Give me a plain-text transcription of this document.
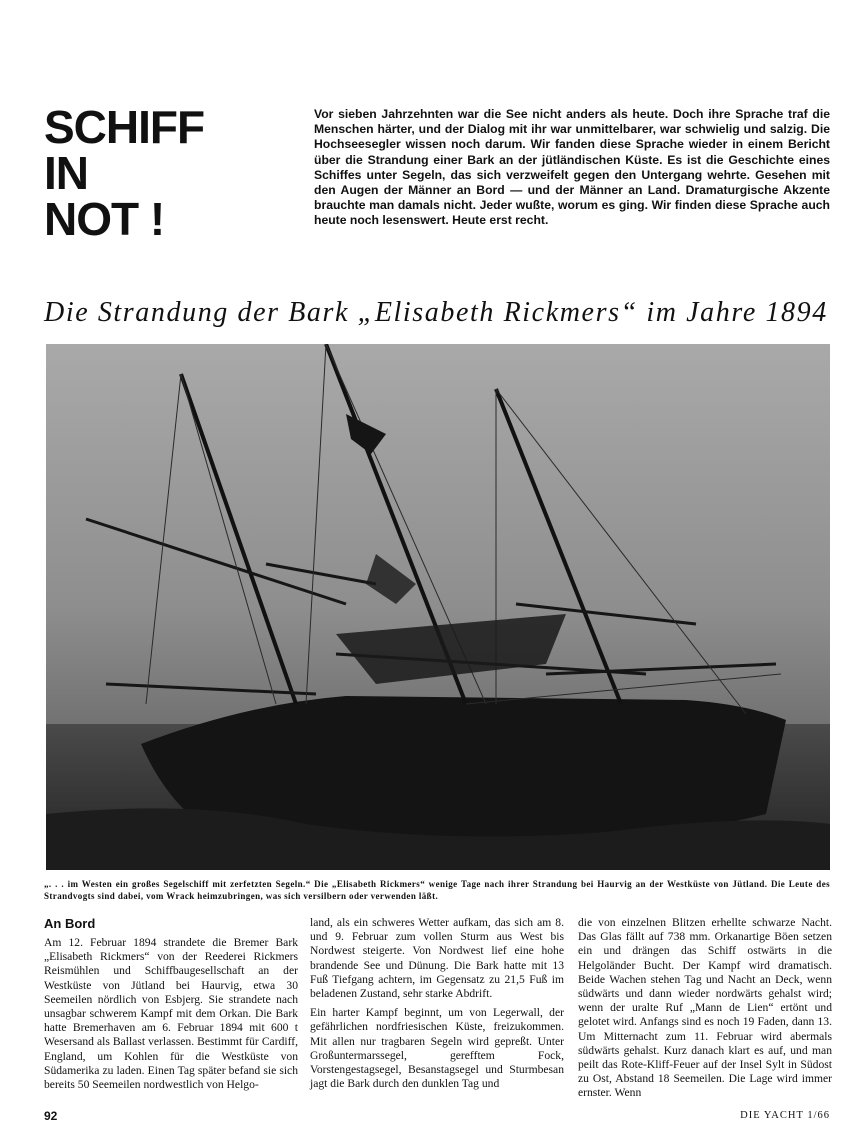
SCHIFF
IN
NOT !
Vor sieben Jahrzehnten war die See nicht anders als heute. Doch ihre Sprache traf die Menschen härter, und der Dialog mit ihr war unmittelbarer, war schwielig und salzig. Die Hochseesegler wissen noch darum. Wir fanden diese Sprache wieder in einem Bericht über die Strandung einer Bark an der jütländischen Küste. Es ist die Geschichte eines Schiffes unter Segeln, das sich verzweifelt gegen den Untergang wehrte. Gesehen mit den Augen der Männer an Bord — und der Männer an Land. Dramaturgische Akzente brauchte man damals nicht. Jeder wußte, worum es ging. Wir finden diese Sprache auch heute noch lesenswert. Heute erst recht.
Die Strandung der Bark „Elisabeth Rickmers“ im Jahre 1894
„. . . im Westen ein großes Segelschiff mit zerfetzten Segeln.“ Die „Elisabeth Rickmers“ wenige Tage nach ihrer Strandung bei Haurvig an der Westküste von Jütland. Die Leute des Strandvogts sind dabei, vom Wrack heimzubringen, was sich versilbern oder verwenden läßt.
An Bord

Am 12. Februar 1894 strandete die Bremer Bark „Elisabeth Rickmers“ von der Reederei Rickmers Reismühlen und Schiffbaugesellschaft an der Westküste von Jütland bei Haurvig, etwa 30 Seemeilen nördlich von Esbjerg. Sie strandete nach unsagbar schwerem Kampf mit dem Orkan. Die Bark hatte Bremerhaven am 6. Februar 1894 mit 600 t Wesersand als Ballast verlassen. Bestimmt für Cardiff, England, um Kohlen für die Westküste von Südamerika zu laden. Einen Tag später befand sie sich bereits 50 Seemeilen nordwestlich von Helgo-

land, als ein schweres Wetter aufkam, das sich am 8. und 9. Februar zum vollen Sturm aus West bis Nordwest steigerte. Von Nordwest lief eine hohe brandende See und Dünung. Die Bark hatte mit 13 Fuß Tiefgang achtern, im Gegensatz zu 21,5 Fuß im beladenen Zustand, sehr starke Abdrift.

Ein harter Kampf beginnt, um von Legerwall, der gefährlichen nordfriesischen Küste, freizukommen. Mit allen nur tragbaren Segeln wird gepreßt. Unter Großuntermarssegel, gerefftem Fock, Vorstengestagsegel, Besanstagsegel und Sturmbesan jagt die Bark durch den dunklen Tag und

die von einzelnen Blitzen erhellte schwarze Nacht. Das Glas fällt auf 738 mm. Orkanartige Böen setzen ein und drängen das Schiff ostwärts in die Helgoländer Bucht. Der Kampf wird dramatisch. Beide Wachen stehen Tag und Nacht an Deck, wenn südwärts und dann wieder nordwärts gehalst wird; wenn der uralte Ruf „Mann de Lien“ ertönt und gelotet wird. Anfangs sind es noch 19 Faden, dann 13. Um Mitternacht zum 11. Februar wird abermals südwärts gehalst. Kurz danach klart es auf, und man peilt das Rote-Kliff-Feuer auf der Insel Sylt in Südost zu Ost, Abstand 18 Seemeilen. Die Lage wird immer ernster. Wenn

92	DIE YACHT 1/66
